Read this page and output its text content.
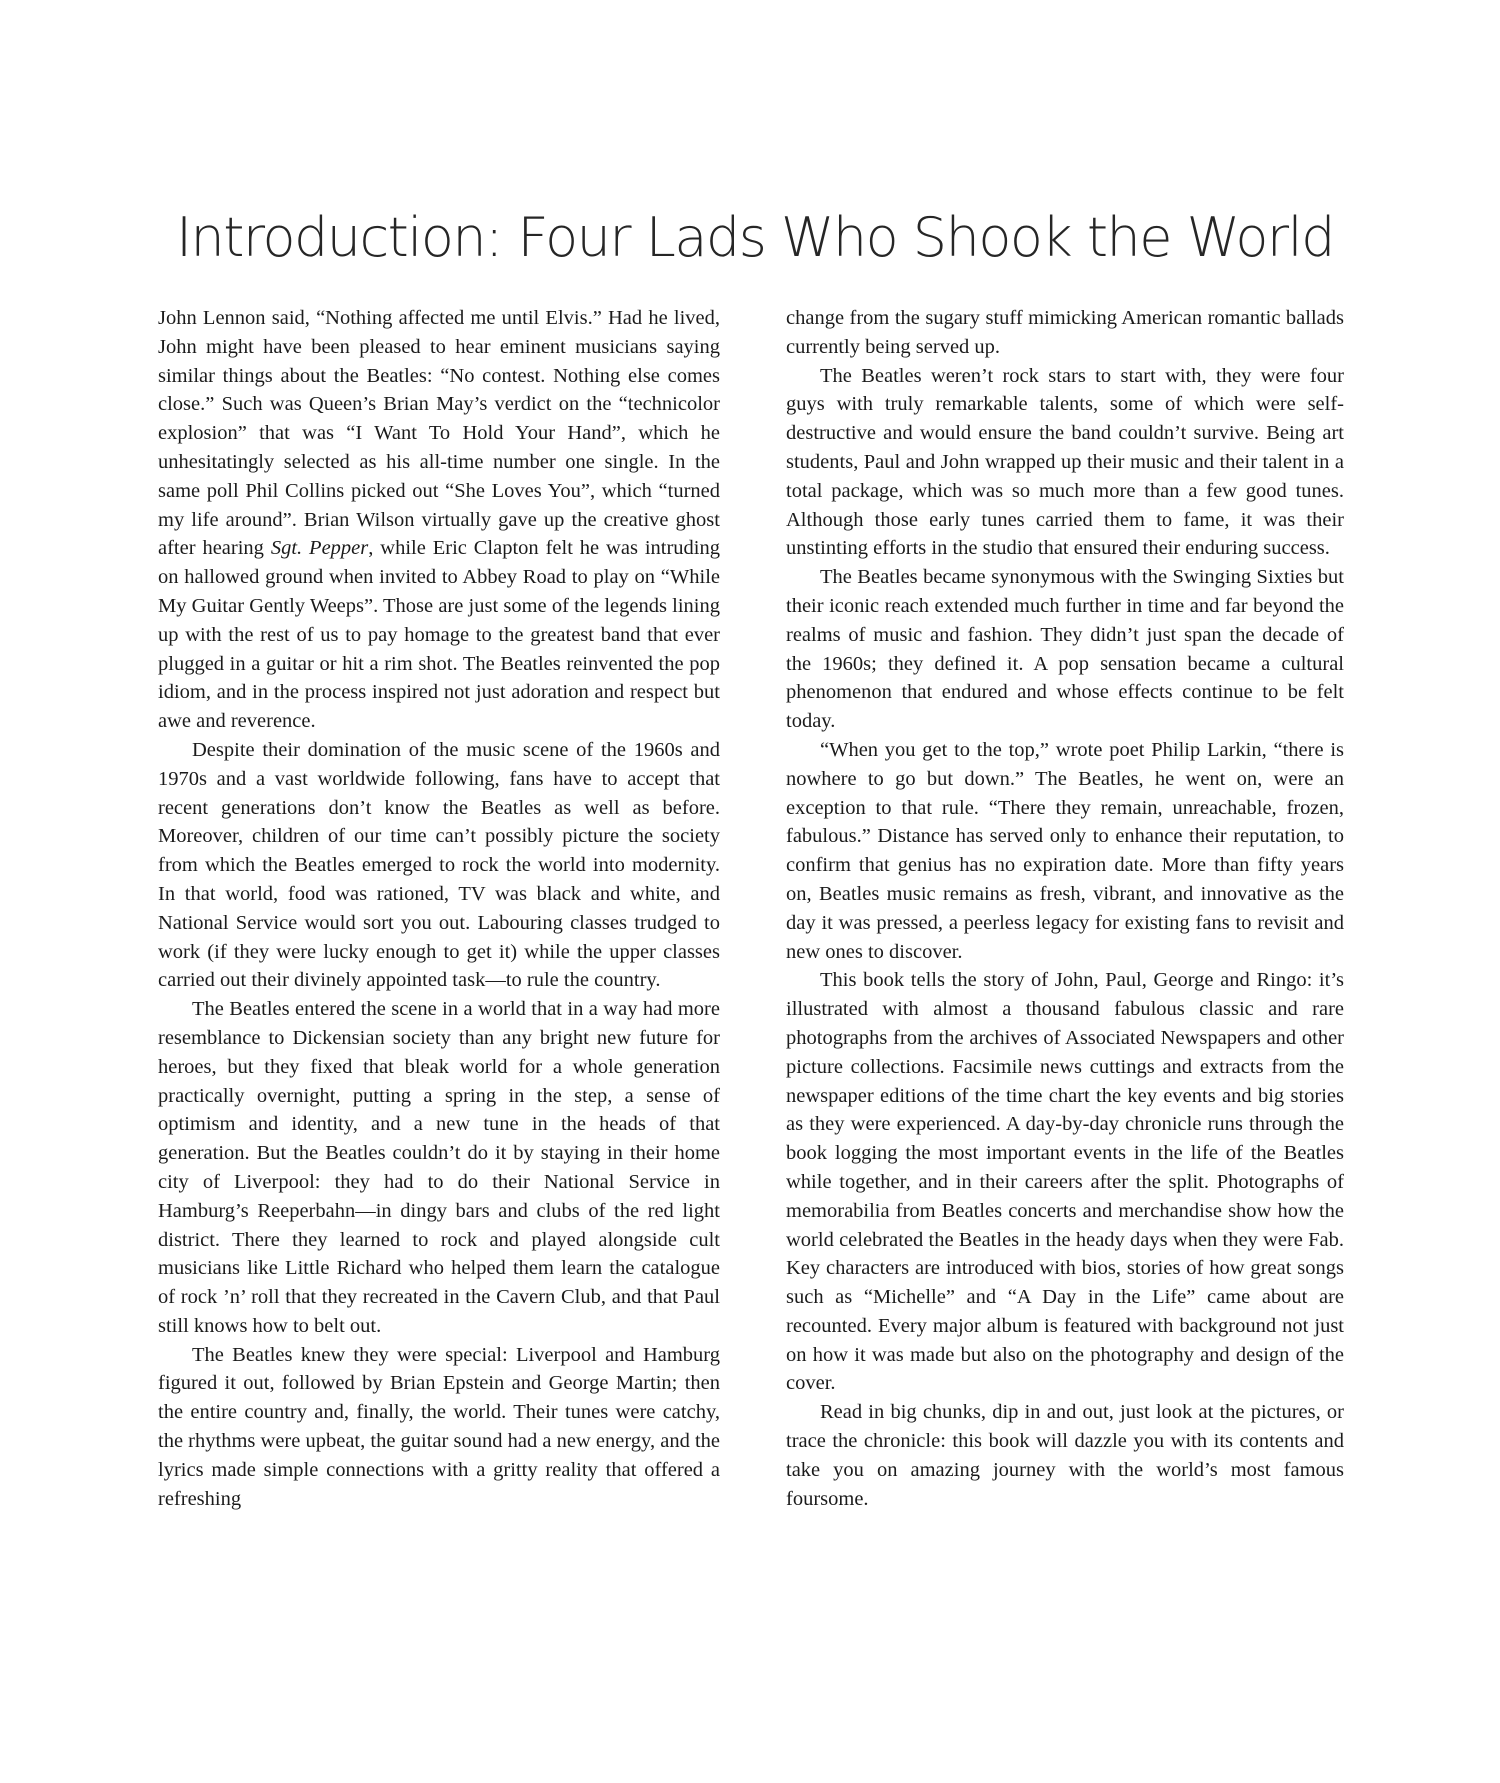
Introduction: Four Lads Who Shook the World

John Lennon said, “Nothing affected me until Elvis.” Had he lived, John might have been pleased to hear eminent musicians saying similar things about the Beatles: “No contest. Nothing else comes close.” Such was Queen’s Brian May’s verdict on the “technicolor explosion” that was “I Want To Hold Your Hand”, which he unhesitatingly selected as his all-time number one single. In the same poll Phil Collins picked out “She Loves You”, which “turned my life around”. Brian Wilson virtually gave up the creative ghost after hearing Sgt. Pepper, while Eric Clapton felt he was intruding on hallowed ground when invited to Abbey Road to play on “While My Guitar Gently Weeps”. Those are just some of the legends lining up with the rest of us to pay homage to the greatest band that ever plugged in a guitar or hit a rim shot. The Beatles reinvented the pop idiom, and in the process inspired not just adoration and respect but awe and reverence.

Despite their domination of the music scene of the 1960s and 1970s and a vast worldwide following, fans have to accept that recent generations don’t know the Beatles as well as before. Moreover, children of our time can’t possibly picture the society from which the Beatles emerged to rock the world into modernity. In that world, food was rationed, TV was black and white, and National Service would sort you out. Labouring classes trudged to work (if they were lucky enough to get it) while the upper classes carried out their divinely appointed task—to rule the country.

The Beatles entered the scene in a world that in a way had more resemblance to Dickensian society than any bright new future for heroes, but they fixed that bleak world for a whole generation practically overnight, putting a spring in the step, a sense of optimism and identity, and a new tune in the heads of that generation. But the Beatles couldn’t do it by staying in their home city of Liverpool: they had to do their National Service in Hamburg’s Reeperbahn—in dingy bars and clubs of the red light district. There they learned to rock and played alongside cult musicians like Little Richard who helped them learn the catalogue of rock ’n’ roll that they recreated in the Cavern Club, and that Paul still knows how to belt out.

The Beatles knew they were special: Liverpool and Hamburg figured it out, followed by Brian Epstein and George Martin; then the entire country and, finally, the world. Their tunes were catchy, the rhythms were upbeat, the guitar sound had a new energy, and the lyrics made simple connections with a gritty reality that offered a refreshing

change from the sugary stuff mimicking American romantic ballads currently being served up.

The Beatles weren’t rock stars to start with, they were four guys with truly remarkable talents, some of which were self-destructive and would ensure the band couldn’t survive. Being art students, Paul and John wrapped up their music and their talent in a total package, which was so much more than a few good tunes. Although those early tunes carried them to fame, it was their unstinting efforts in the studio that ensured their enduring success.

The Beatles became synonymous with the Swinging Sixties but their iconic reach extended much further in time and far beyond the realms of music and fashion. They didn’t just span the decade of the 1960s; they defined it. A pop sensation became a cultural phenomenon that endured and whose effects continue to be felt today.

“When you get to the top,” wrote poet Philip Larkin, “there is nowhere to go but down.” The Beatles, he went on, were an exception to that rule. “There they remain, unreachable, frozen, fabulous.” Distance has served only to enhance their reputation, to confirm that genius has no expiration date. More than fifty years on, Beatles music remains as fresh, vibrant, and innovative as the day it was pressed, a peerless legacy for existing fans to revisit and new ones to discover.

This book tells the story of John, Paul, George and Ringo: it’s illustrated with almost a thousand fabulous classic and rare photographs from the archives of Associated Newspapers and other picture collections. Facsimile news cuttings and extracts from the newspaper editions of the time chart the key events and big stories as they were experienced. A day-by-day chronicle runs through the book logging the most important events in the life of the Beatles while together, and in their careers after the split. Photographs of memorabilia from Beatles concerts and merchandise show how the world celebrated the Beatles in the heady days when they were Fab. Key characters are introduced with bios, stories of how great songs such as “Michelle” and “A Day in the Life” came about are recounted. Every major album is featured with background not just on how it was made but also on the photography and design of the cover.

Read in big chunks, dip in and out, just look at the pictures, or trace the chronicle: this book will dazzle you with its contents and take you on amazing journey with the world’s most famous foursome.
